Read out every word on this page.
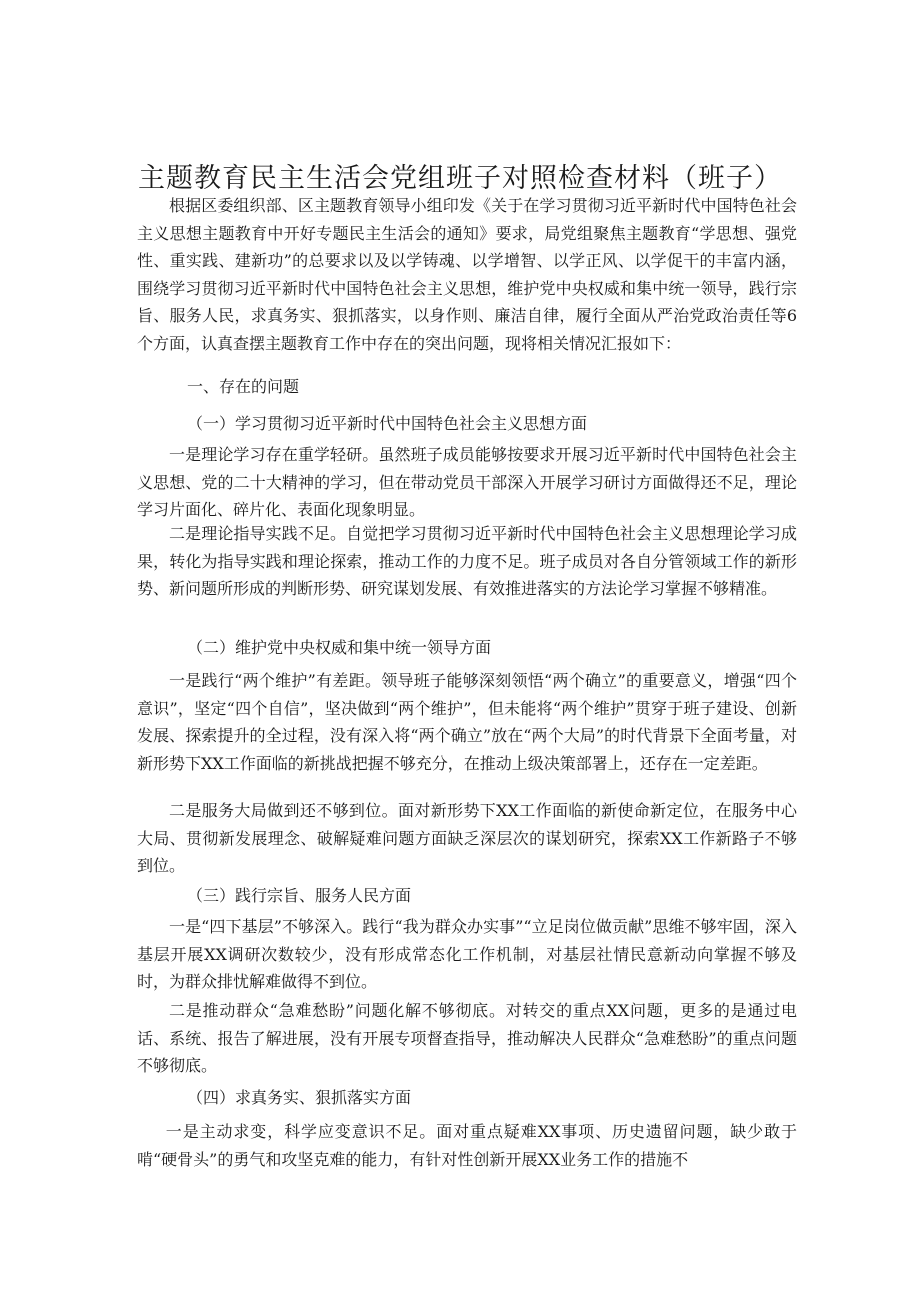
主题教育民主生活会党组班子对照检查材料（班子）

根据区委组织部、区主题教育领导小组印发《关于在学习贯彻习近平新时代中国特色社会主义思想主题教育中开好专题民主生活会的通知》要求，局党组聚焦主题教育“学思想、强党性、重实践、建新功”的总要求以及以学铸魂、以学增智、以学正风、以学促干的丰富内涵，围绕学习贯彻习近平新时代中国特色社会主义思想，维护党中央权威和集中统一领导，践行宗旨、服务人民，求真务实、狠抓落实，以身作则、廉洁自律，履行全面从严治党政治责任等6个方面，认真查摆主题教育工作中存在的突出问题，现将相关情况汇报如下：

一、存在的问题

（一）学习贯彻习近平新时代中国特色社会主义思想方面

一是理论学习存在重学轻研。虽然班子成员能够按要求开展习近平新时代中国特色社会主义思想、党的二十大精神的学习，但在带动党员干部深入开展学习研讨方面做得还不足，理论学习片面化、碎片化、表面化现象明显。

二是理论指导实践不足。自觉把学习贯彻习近平新时代中国特色社会主义思想理论学习成果，转化为指导实践和理论探索，推动工作的力度不足。班子成员对各自分管领域工作的新形势、新问题所形成的判断形势、研究谋划发展、有效推进落实的方法论学习掌握不够精准。

（二）维护党中央权威和集中统一领导方面

一是践行“两个维护”有差距。领导班子能够深刻领悟“两个确立”的重要意义，增强“四个意识”，坚定“四个自信”，坚决做到“两个维护”，但未能将“两个维护”贯穿于班子建设、创新发展、探索提升的全过程，没有深入将“两个确立”放在“两个大局”的时代背景下全面考量，对新形势下XX工作面临的新挑战把握不够充分，在推动上级决策部署上，还存在一定差距。

二是服务大局做到还不够到位。面对新形势下XX工作面临的新使命新定位，在服务中心大局、贯彻新发展理念、破解疑难问题方面缺乏深层次的谋划研究，探索XX工作新路子不够到位。

（三）践行宗旨、服务人民方面

一是“四下基层”不够深入。践行“我为群众办实事”“立足岗位做贡献”思维不够牢固，深入基层开展XX调研次数较少，没有形成常态化工作机制，对基层社情民意新动向掌握不够及时，为群众排忧解难做得不到位。

二是推动群众“急难愁盼”问题化解不够彻底。对转交的重点XX问题，更多的是通过电话、系统、报告了解进展，没有开展专项督查指导，推动解决人民群众“急难愁盼”的重点问题不够彻底。

（四）求真务实、狠抓落实方面

一是主动求变，科学应变意识不足。面对重点疑难XX事项、历史遗留问题，缺少敢于啃“硬骨头”的勇气和攻坚克难的能力，有针对性创新开展XX业务工作的措施不
